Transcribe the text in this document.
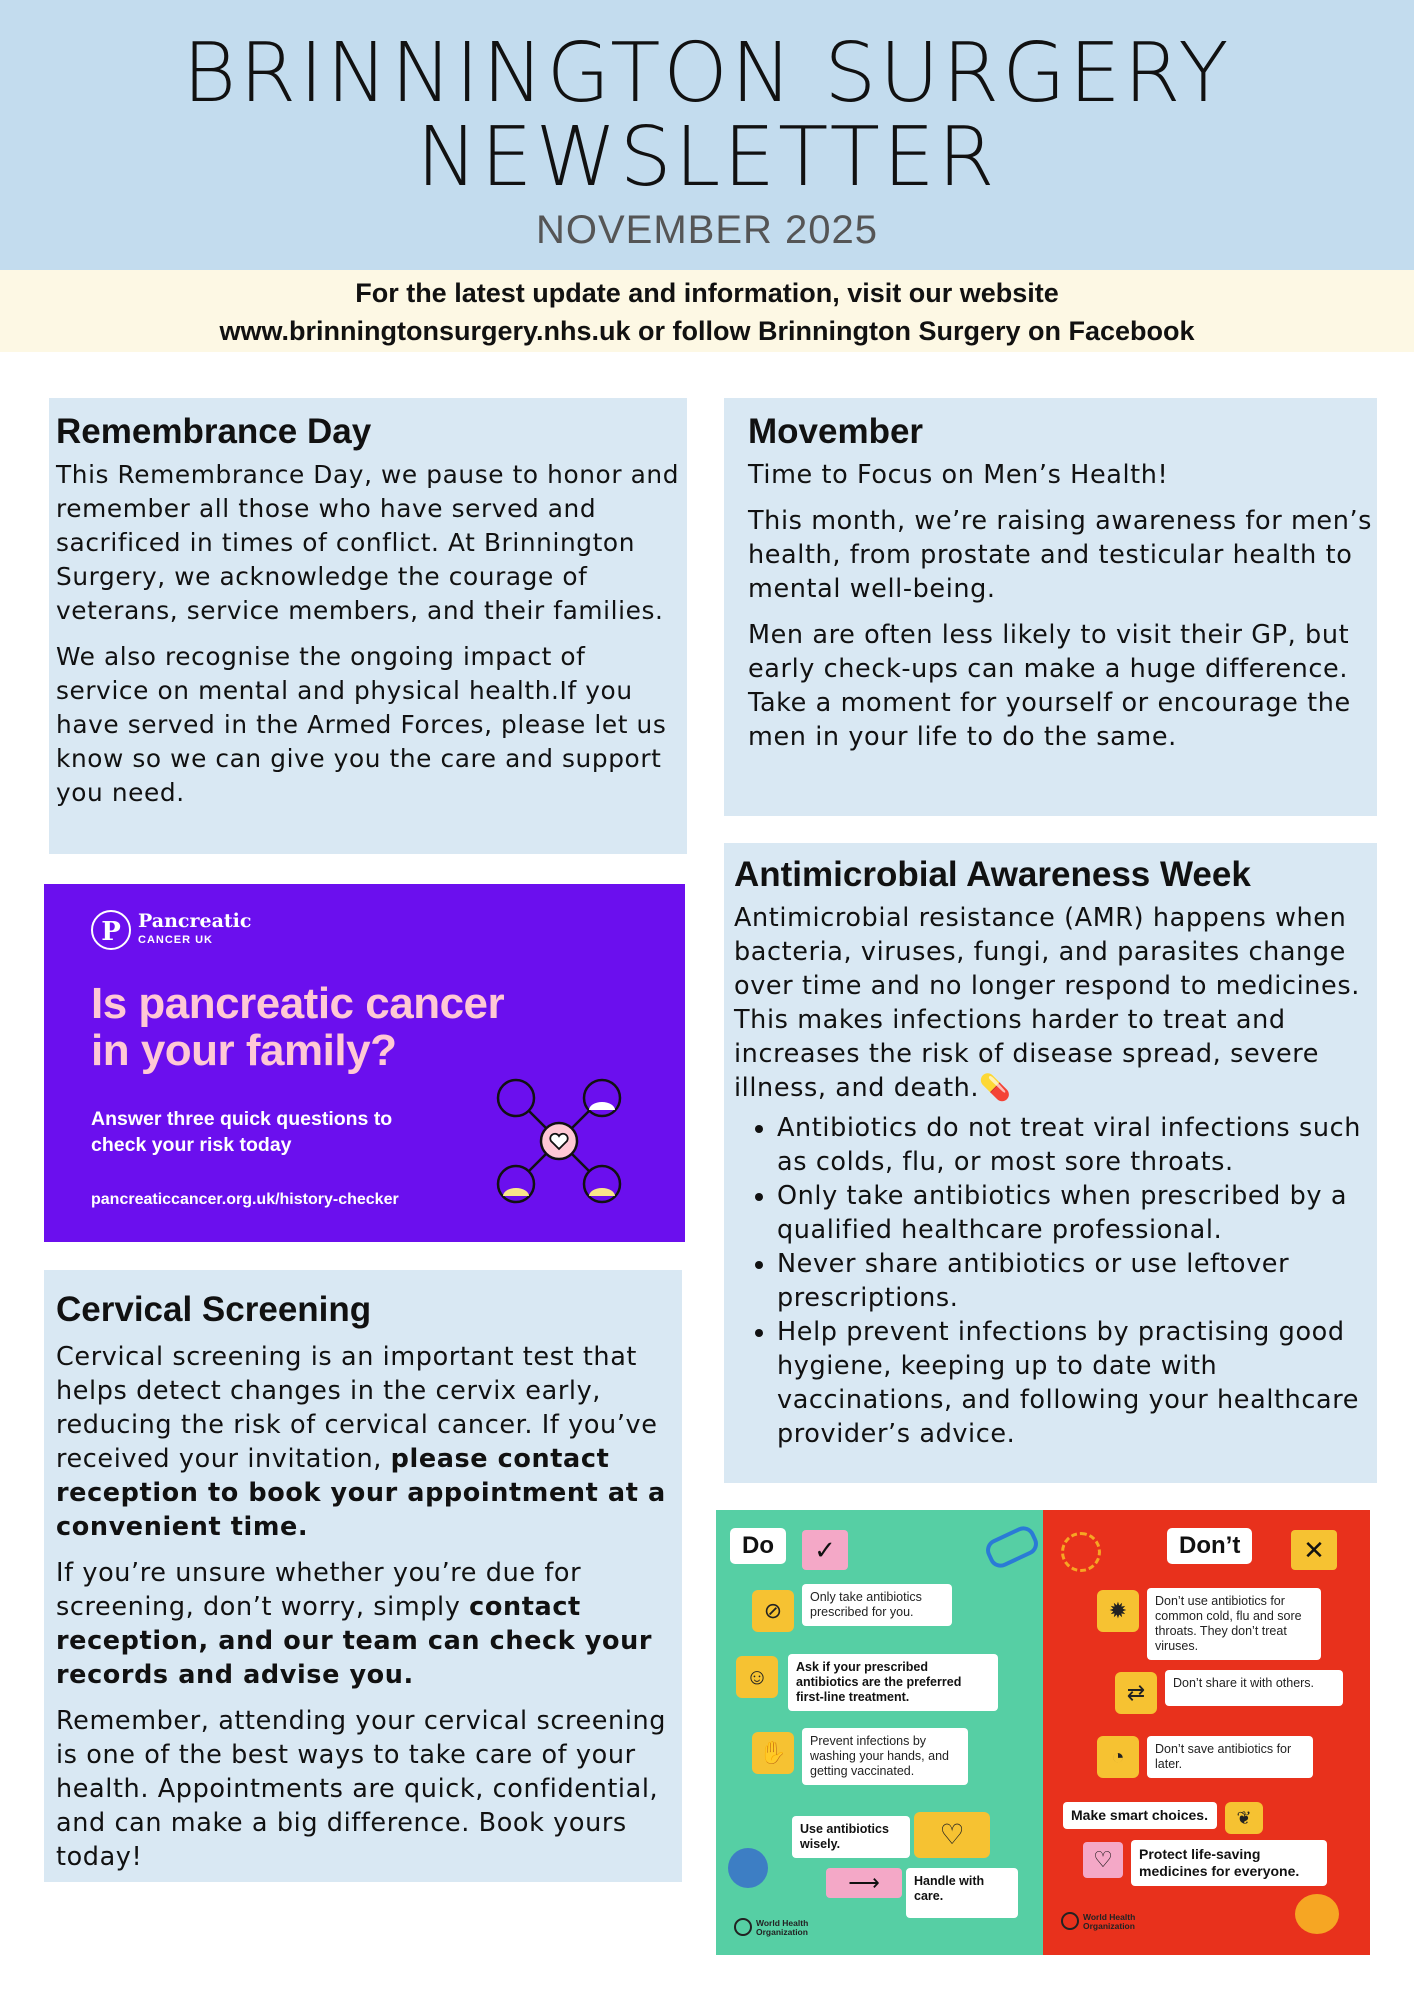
BRINNINGTON SURGERY
NEWSLETTER
NOVEMBER 2025
For the latest update and information, visit our website
www.brinningtonsurgery.nhs.uk or follow Brinnington Surgery on Facebook
Remembrance Day

This Remembrance Day, we pause to honor and remember all those who have served and sacrificed in times of conflict. At Brinnington Surgery, we acknowledge the courage of veterans, service members, and their families.

We also recognise the ongoing impact of service on mental and physical health.If you have served in the Armed Forces, please let us know so we can give you the care and support you need.

Movember

Time to Focus on Men’s Health!

This month, we’re raising awareness for men’s health, from prostate and testicular health to mental well-being.

Men are often less likely to visit their GP, but early check-ups can make a huge difference. Take a moment for yourself or encourage the men in your life to do the same.

P Pancreatic
CANCER UK
Is pancreatic cancer
in your family?
Answer three quick questions to check your risk today
pancreaticcancer.org.uk/history-checker
Antimicrobial Awareness Week

Antimicrobial resistance (AMR) happens when bacteria, viruses, fungi, and parasites change over time and no longer respond to medicines. This makes infections harder to treat and increases the risk of disease spread, severe illness, and death.💊

• Antibiotics do not treat viral infections such as colds, flu, or most sore throats.
• Only take antibiotics when prescribed by a qualified healthcare professional.
• Never share antibiotics or use leftover prescriptions.
• Help prevent infections by practising good hygiene, keeping up to date with vaccinations, and following your healthcare provider’s advice.
Cervical Screening

Cervical screening is an important test that helps detect changes in the cervix early, reducing the risk of cervical cancer. If you’ve received your invitation, please contact reception to book your appointment at a convenient time.

If you’re unsure whether you’re due for screening, don’t worry, simply contact reception, and our team can check your records and advise you.

Remember, attending your cervical screening is one of the best ways to take care of your health. Appointments are quick, confidential, and can make a big difference. Book yours today!

Do	✓
⊘
Only take antibiotics prescribed for you.
☺	Ask if your prescribed antibiotics are the preferred first-line treatment.
✋	Prevent infections by washing your hands, and getting vaccinated.
Use antibiotics wisely.	♡
⟶	Handle with care.
World Health
Organization
Don’t	✕
✹	Don’t use antibiotics for common cold, flu and sore throats. They don’t treat viruses.
⇄	Don’t share it with others.
◔	Don’t save antibiotics for later.
Make smart choices.	❦
♡	Protect life-saving medicines for everyone.
World Health
Organization
